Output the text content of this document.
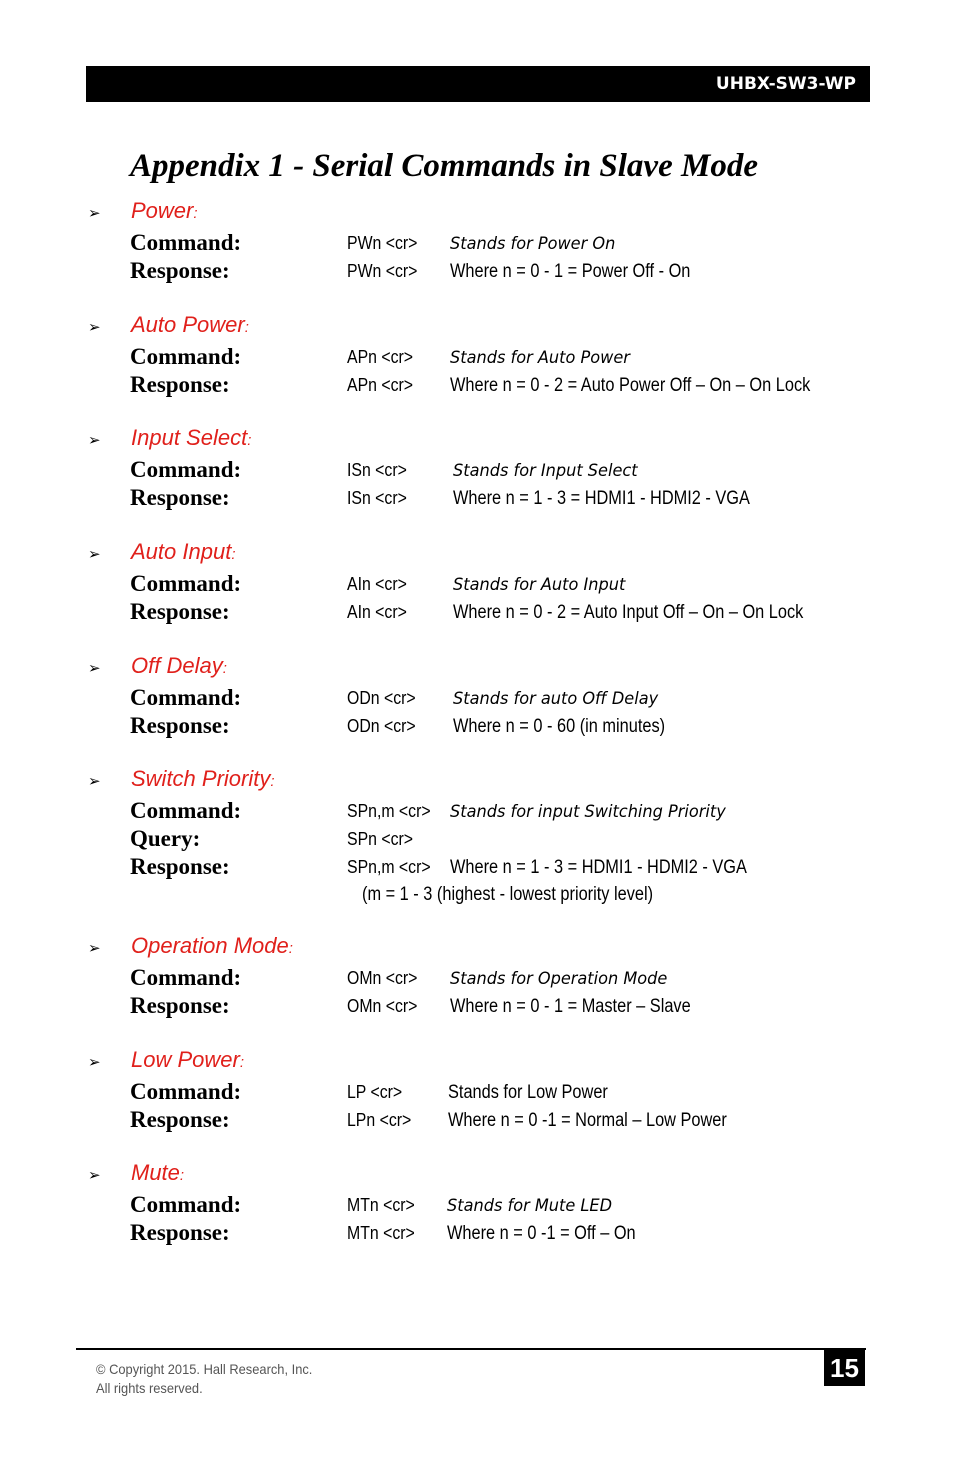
UHBX-SW3-WP
Appendix 1 - Serial Commands in Slave Mode
➢ Power:
Command:	PWn <cr> Stands for Power On
Response:	PWn <cr> Where n = 0 - 1 = Power Off - On
➢ Auto Power:
Command:	APn <cr> Stands for Auto Power
Response:	APn <cr> Where n = 0 - 2 = Auto Power Off – On – On Lock
➢ Input Select:
Command:	ISn <cr>	Stands for Input Select
Response:	ISn <cr> Where n = 1 - 3 = HDMI1 - HDMI2 - VGA
➢ Auto Input:
Command:	AIn <cr>	Stands for Auto Input
Response:	AIn <cr> Where n = 0 - 2 = Auto Input Off – On – On Lock
➢ Off Delay:
Command:	ODn <cr> Stands for auto Off Delay
Response:	ODn <cr> Where n = 0 - 60 (in minutes)
➢ Switch Priority:
Command:	SPn,m <cr> Stands for input Switching Priority
Query:	SPn <cr>
Response:	SPn,m <cr> Where n = 1 - 3 = HDMI1 - HDMI2 - VGA
(m = 1 - 3 (highest - lowest priority level)
➢ Operation Mode:
Command:	OMn <cr> Stands for Operation Mode
Response:	OMn <cr> Where n = 0 - 1 = Master – Slave
➢ Low Power:
Command:	LP <cr> Stands for Low Power
Response:	LPn <cr> Where n = 0 -1 = Normal – Low Power
➢ Mute:
Command:	MTn <cr> Stands for Mute LED
Response:	MTn <cr> Where n = 0 -1 = Off – On
© Copyright 2015. Hall Research, Inc.
All rights reserved.
15
